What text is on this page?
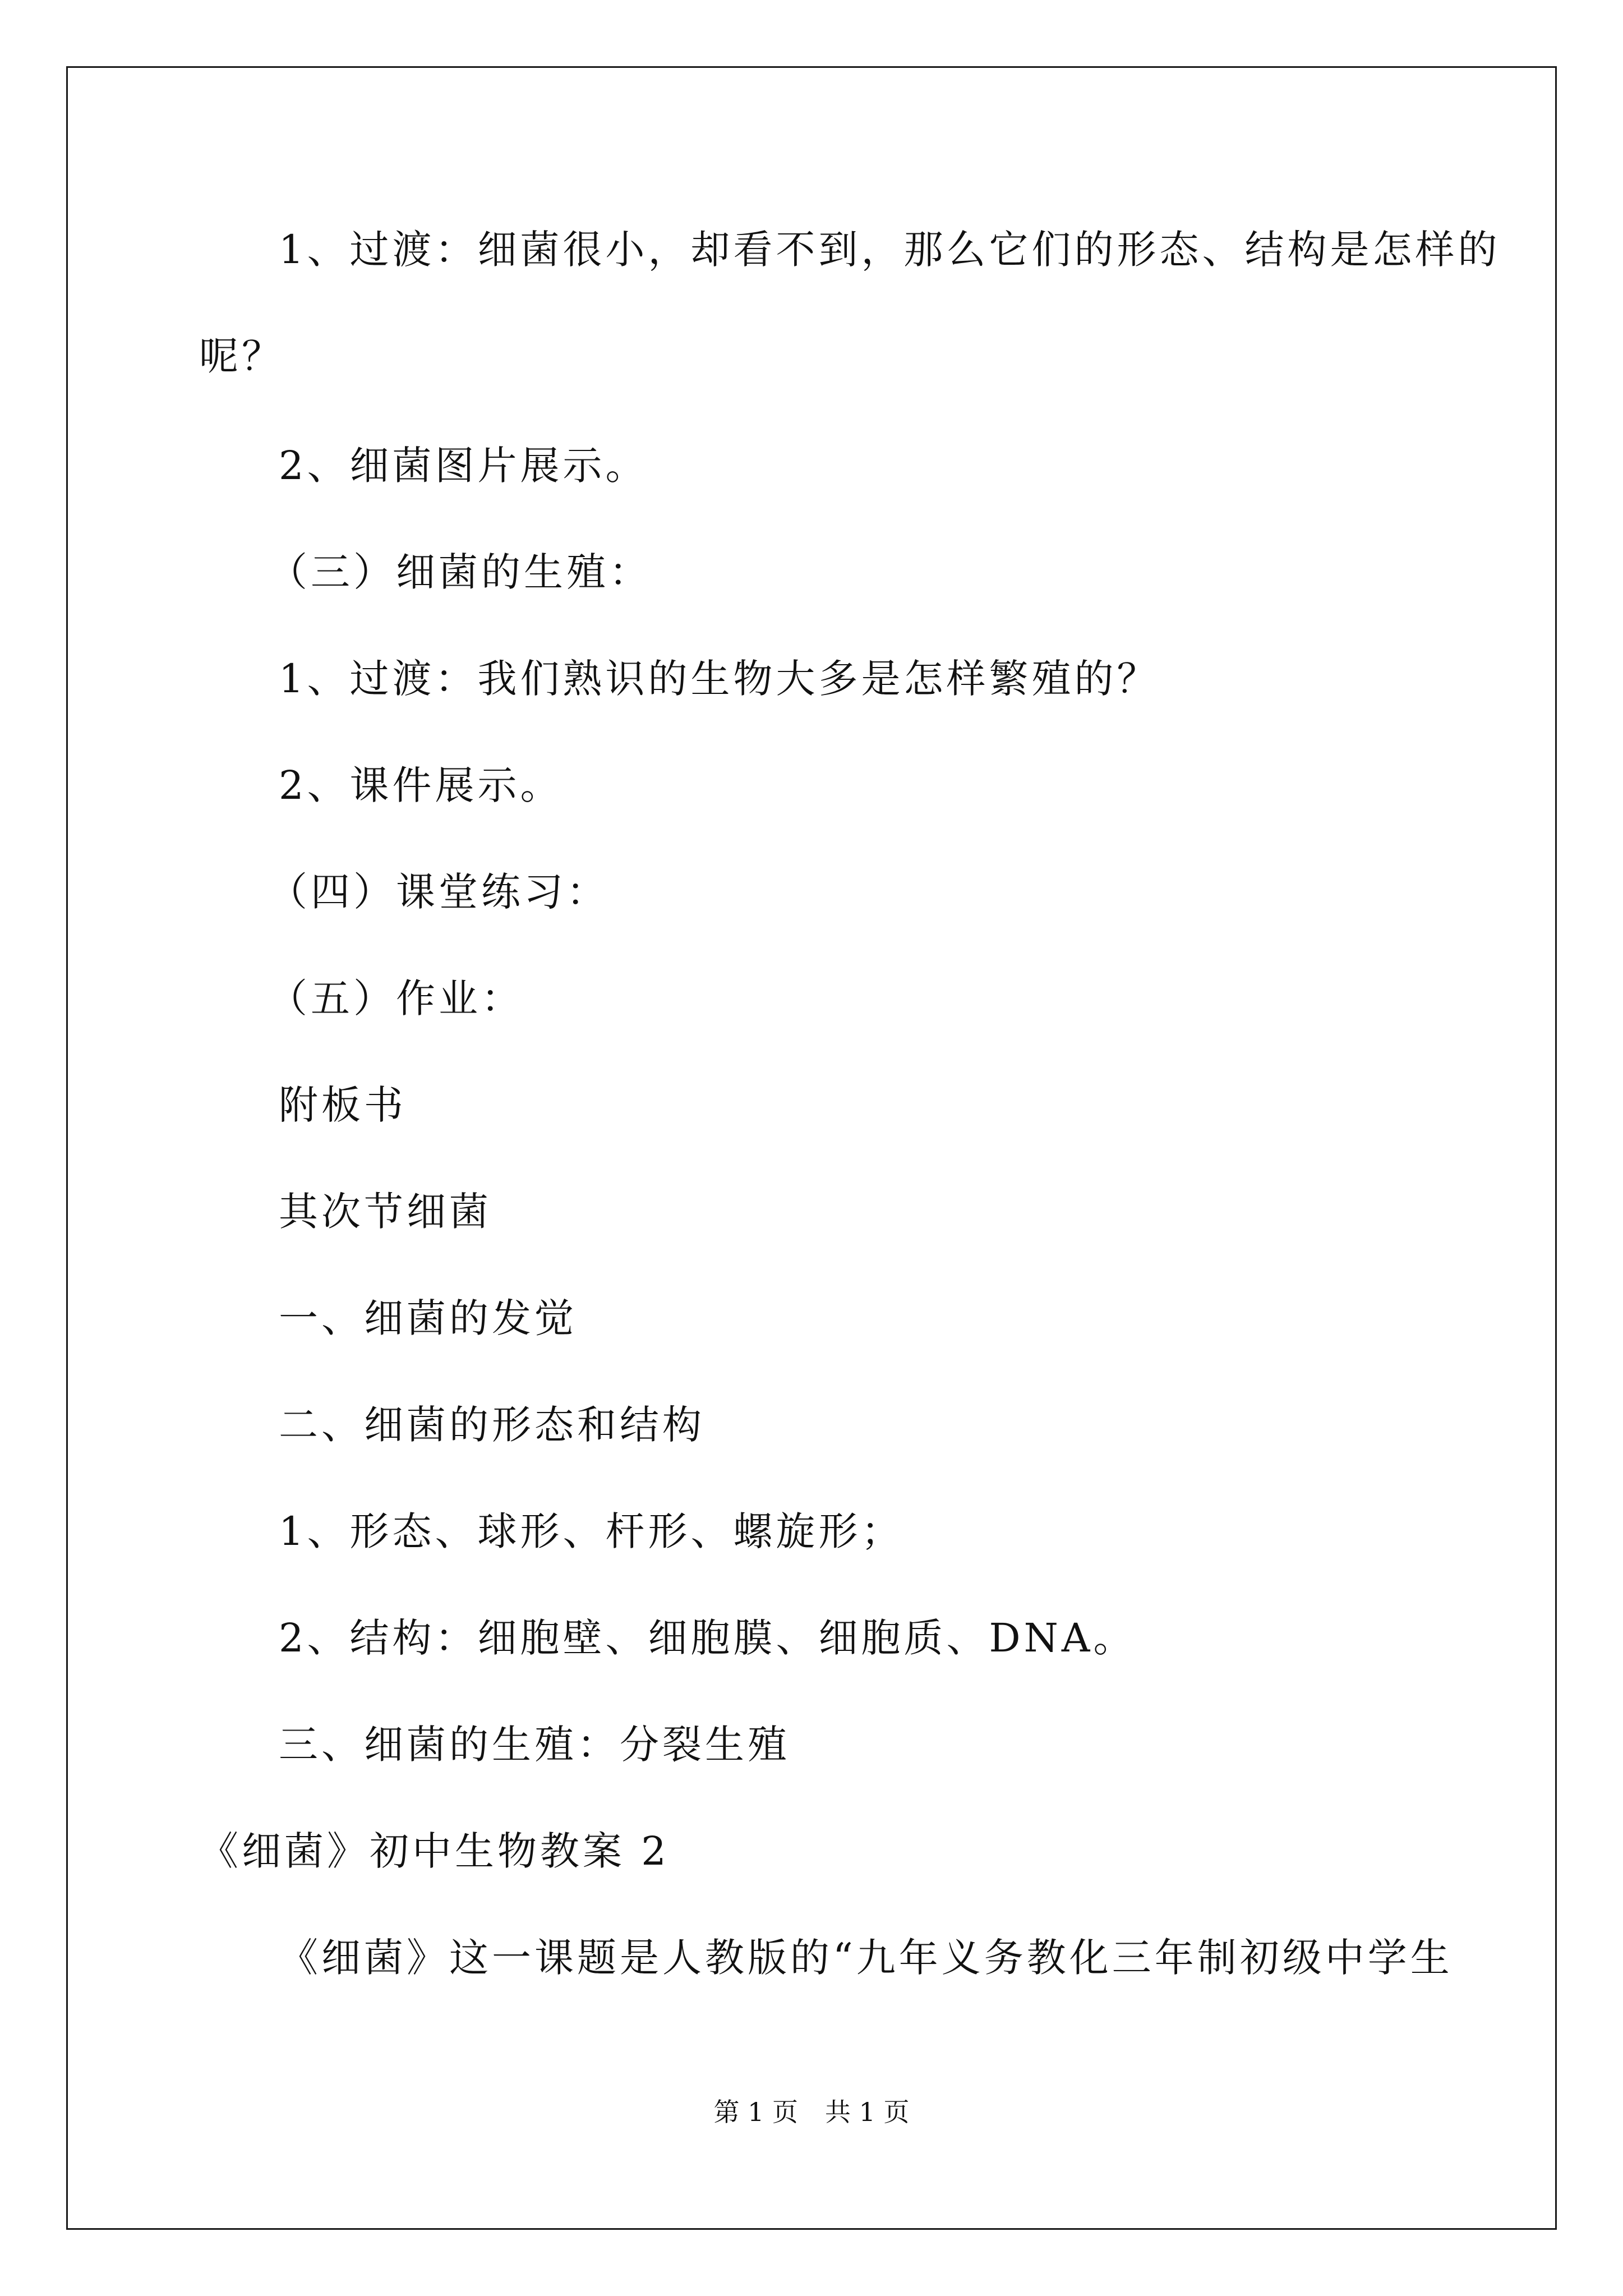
1、过渡：细菌很小，却看不到，那么它们的形态、结构是怎样的
呢？
2、细菌图片展示。
（三）细菌的生殖：
1、过渡：我们熟识的生物大多是怎样繁殖的？
2、课件展示。
（四）课堂练习：
（五）作业：
附板书
其次节细菌
一、细菌的发觉
二、细菌的形态和结构
1、形态、球形、杆形、螺旋形；
2、结构：细胞壁、细胞膜、细胞质、DNA。
三、细菌的生殖：分裂生殖
《细菌》初中生物教案 2
《细菌》这一课题是人教版的“九年义务教化三年制初级中学生
第 1 页 共 1 页
